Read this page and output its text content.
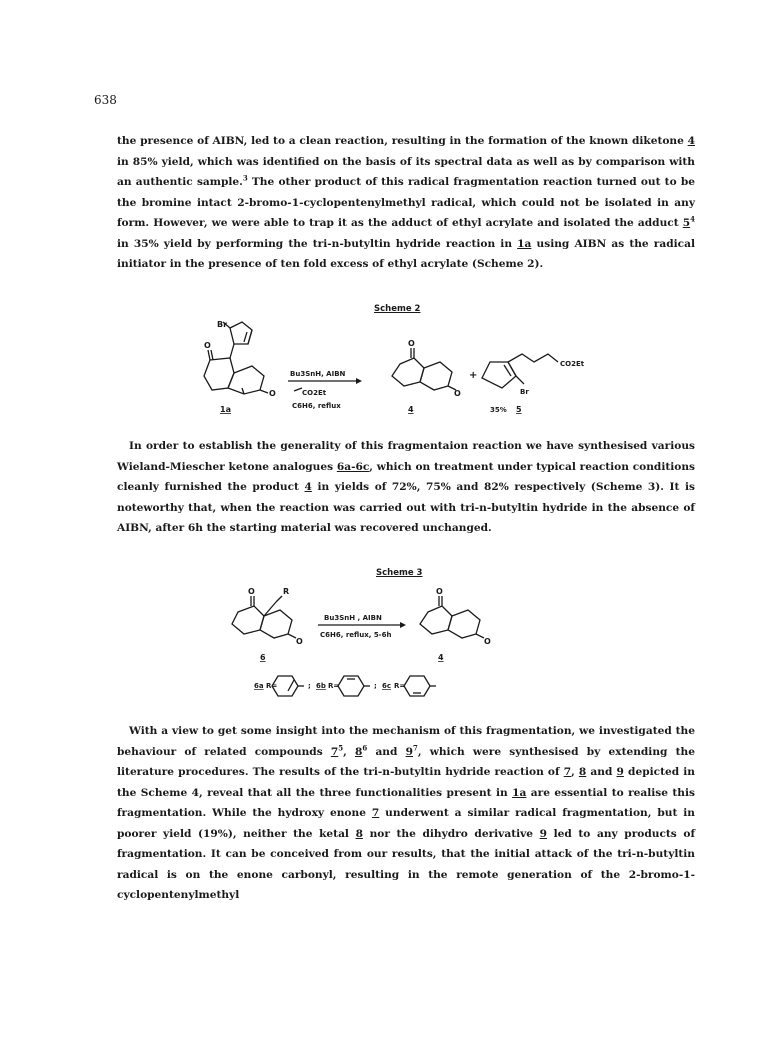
638

the presence of AIBN, led to a clean reaction, resulting in the formation of the known diketone 4 in 85% yield, which was identified on the basis of its spectral data as well as by comparison with an authentic sample.$^3$ The other product of this radical fragmentation reaction turned out to be the bromine intact 2-bromo-1-cyclopentenylmethyl radical, which could not be isolated in any form. However, we were able to trap it as the adduct of ethyl acrylate and isolated the adduct $5^4$ in 35% yield by performing the tri-n-butyltin hydride reaction in 1a using AIBN as the radical initiator in the presence of ten fold excess of ethyl acrylate (Scheme 2).

Scheme 2
Br
O
O
1a
Bu3SnH, AIBN
CO2Et
C6H6, reflux
O
O
4
+
CO2Et
Br
35% 5

In order to establish the generality of this fragmentaion reaction we have synthesised various Wieland-Miescher ketone analogues 6a-6c, which on treatment under typical reaction conditions cleanly furnished the product 4 in yields of 72%, 75% and 82% respectively (Scheme 3). It is noteworthy that, when the reaction was carried out with tri-n-butyltin hydride in the absence of AIBN, after 6h the starting material was recovered unchanged.

Scheme 3
O	R
O
6
Bu3SnH , AIBN
C6H6, reflux, 5-6h
O
O
4
6a R=	; 6b R=	; 6c R=

With a view to get some insight into the mechanism of this fragmentation, we investigated the behaviour of related compounds $7^5$, $8^6$ and $9^7$, which were synthesised by extending the literature procedures. The results of the tri-n-butyltin hydride reaction of 7, 8 and 9 depicted in the Scheme 4, reveal that all the three functionalities present in 1a are essential to realise this fragmentation. While the hydroxy enone 7 underwent a similar radical fragmentation, but in poorer yield (19%), neither the ketal 8 nor the dihydro derivative 9 led to any products of fragmentation. It can be conceived from our results, that the initial attack of the tri-n-butyltin radical is on the enone carbonyl, resulting in the remote generation of the 2-bromo-1-cyclopentenylmethyl
